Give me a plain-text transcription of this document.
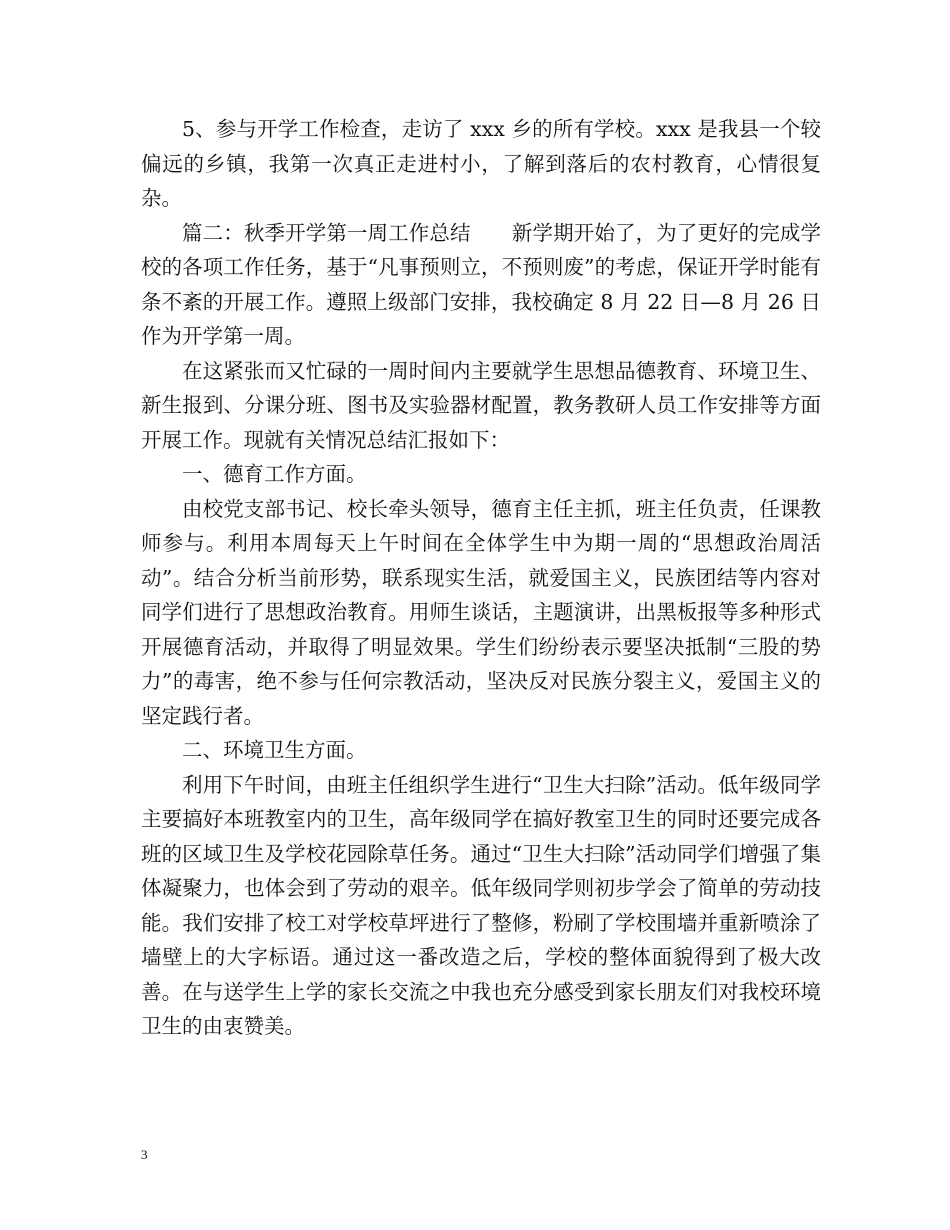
5、参与开学工作检查，走访了 xxx 乡的所有学校。xxx 是我县一个较偏远的乡镇，我第一次真正走进村小，了解到落后的农村教育，心情很复杂。

篇二：秋季开学第一周工作总结　　新学期开始了，为了更好的完成学校的各项工作任务，基于“凡事预则立，不预则废”的考虑，保证开学时能有条不紊的开展工作。遵照上级部门安排，我校确定 8 月 22 日—8 月 26 日作为开学第一周。

在这紧张而又忙碌的一周时间内主要就学生思想品德教育、环境卫生、新生报到、分课分班、图书及实验器材配置，教务教研人员工作安排等方面开展工作。现就有关情况总结汇报如下：

一、德育工作方面。

由校党支部书记、校长牵头领导，德育主任主抓，班主任负责，任课教师参与。利用本周每天上午时间在全体学生中为期一周的“思想政治周活动”。结合分析当前形势，联系现实生活，就爱国主义，民族团结等内容对同学们进行了思想政治教育。用师生谈话，主题演讲，出黑板报等多种形式开展德育活动，并取得了明显效果。学生们纷纷表示要坚决抵制“三股的势力”的毒害，绝不参与任何宗教活动，坚决反对民族分裂主义，爱国主义的坚定践行者。

二、环境卫生方面。

利用下午时间，由班主任组织学生进行“卫生大扫除”活动。低年级同学主要搞好本班教室内的卫生，高年级同学在搞好教室卫生的同时还要完成各班的区域卫生及学校花园除草任务。通过“卫生大扫除”活动同学们增强了集体凝聚力，也体会到了劳动的艰辛。低年级同学则初步学会了简单的劳动技能。我们安排了校工对学校草坪进行了整修，粉刷了学校围墙并重新喷涂了墙壁上的大字标语。通过这一番改造之后，学校的整体面貌得到了极大改善。在与送学生上学的家长交流之中我也充分感受到家长朋友们对我校环境卫生的由衷赞美。

3
